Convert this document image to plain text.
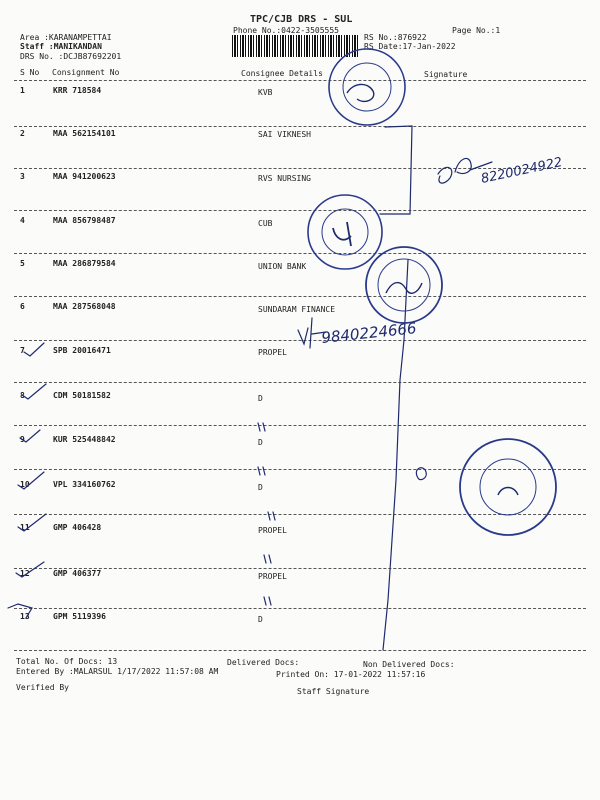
TPC/CJB DRS - SUL
Phone No.:0422-3505555
Area :KARANAMPETTAI
Staff :MANIKANDAN
DRS No. :DCJB87692201
RS No.:876922
RS Date:17-Jan-2022
Page No.:1
S No Consignment No	Consignee Details	Signature
1	KRR 718584	KVB
2	MAA 562154101	SAI VIKNESH
3	MAA 941200623	RVS NURSING
4	MAA 856798487	CUB
5	MAA 286879584	UNION BANK
6	MAA 287568048	SUNDARAM FINANCE
7	SPB 20016471	PROPEL
8	CDM 50181582	D
9	KUR 525448842	D
10	VPL 334160762	D
11	GMP 406428	PROPEL
12	GMP 406377	PROPEL
13	GPM 5119396	D
Total No. Of Docs: 13	Delivered Docs:	Non Delivered Docs:
Entered By :MALARSUL 1/17/2022 11:57:08 AM	Printed On: 17-01-2022 11:57:16
Verified By	Staff Signature
8220024922
9840224666
